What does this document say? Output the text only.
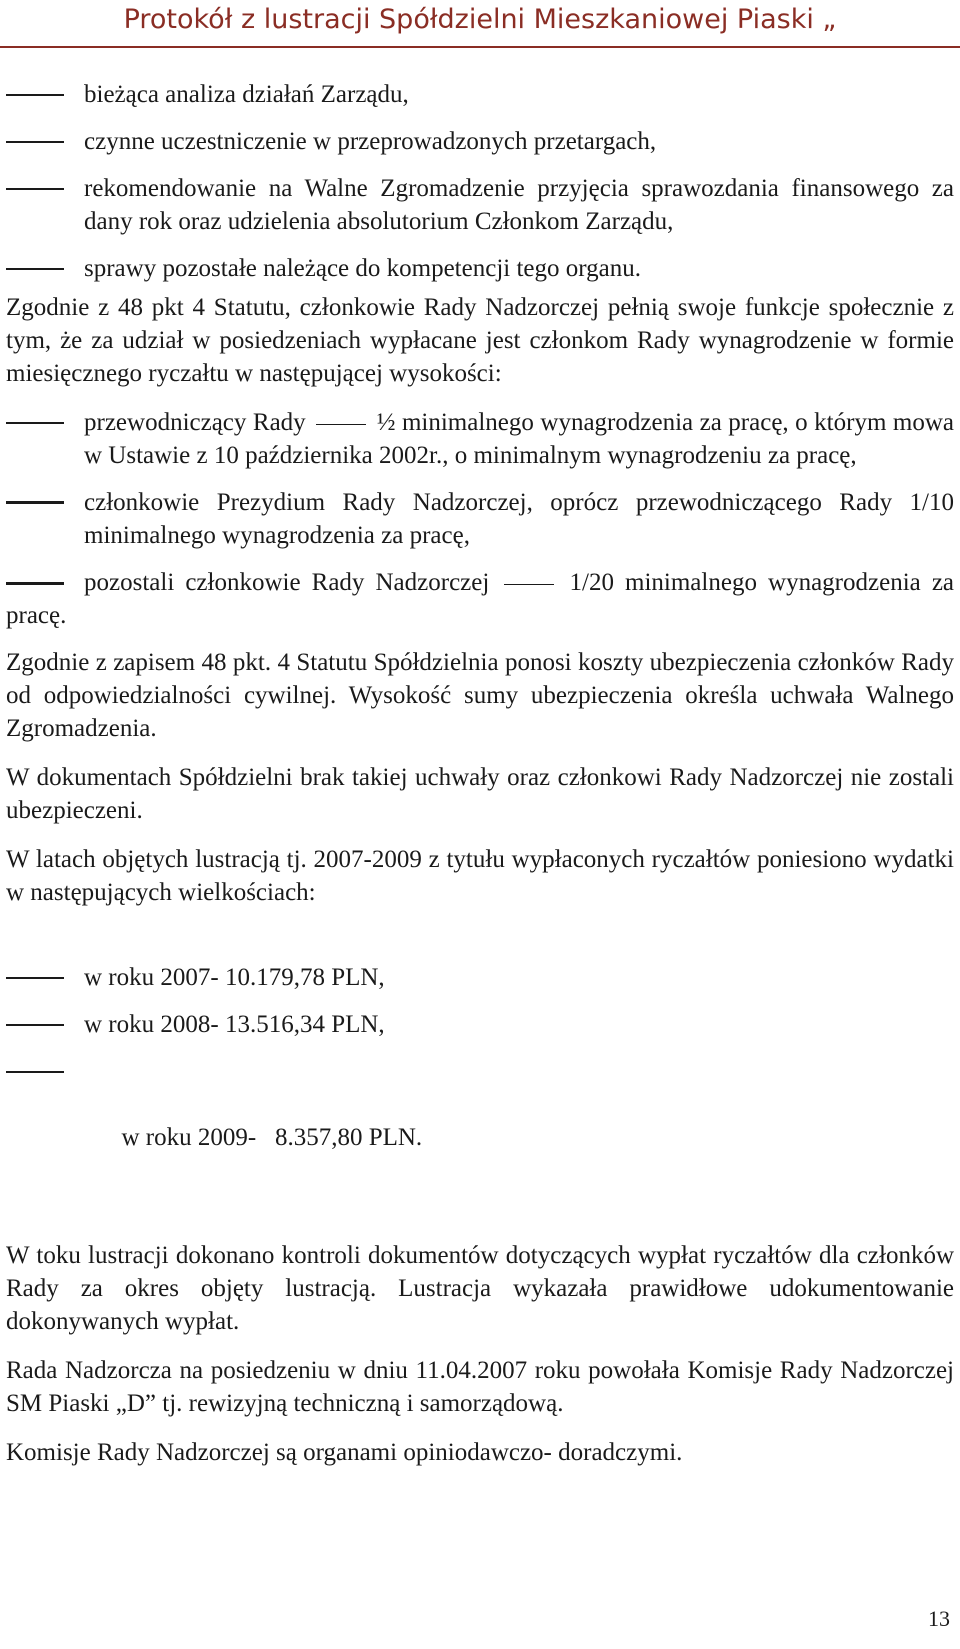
Protokół z lustracji Spółdzielni Mieszkaniowej Piaski „
bieżąca analiza działań Zarządu,
czynne uczestniczenie w przeprowadzonych przetargach,
rekomendowanie na Walne Zgromadzenie przyjęcia sprawozdania finansowego za dany rok oraz udzielenia absolutorium Członkom Zarządu,
sprawy pozostałe należące do kompetencji tego organu.

Zgodnie z 48 pkt 4 Statutu, członkowie Rady Nadzorczej pełnią swoje funkcje społecznie z tym, że za udział w posiedzeniach wypłacane jest członkom Rady wynagrodzenie w formie miesięcznego ryczałtu w następującej wysokości:

przewodniczący Rady	½ minimalnego wynagrodzenia za pracę, o którym mowa w Ustawie z 10 października 2002r., o minimalnym wynagrodzeniu za pracę,
członkowie Prezydium Rady Nadzorczej, oprócz przewodniczącego Rady 1/10 minimalnego wynagrodzenia za pracę,
pozostali członkowie Rady Nadzorczej	1/20 minimalnego wynagrodzenia za pracę.

Zgodnie z zapisem 48 pkt. 4 Statutu Spółdzielnia ponosi koszty ubezpieczenia członków Rady od odpowiedzialności cywilnej. Wysokość sumy ubezpieczenia określa uchwała Walnego Zgromadzenia.

W dokumentach Spółdzielni brak takiej uchwały oraz członkowi Rady Nadzorczej nie zostali ubezpieczeni.

W latach objętych lustracją tj. 2007-2009 z tytułu wypłaconych ryczałtów poniesiono wydatki w następujących wielkościach:

w roku 2007- 10.179,78 PLN,
w roku 2008- 13.516,34 PLN,

w roku 2009-   8.357,80 PLN.

W toku lustracji dokonano kontroli dokumentów dotyczących wypłat ryczałtów dla członków Rady za okres objęty lustracją. Lustracja wykazała prawidłowe udokumentowanie dokonywanych wypłat.

Rada Nadzorcza na posiedzeniu w dniu 11.04.2007 roku powołała Komisje Rady Nadzorczej SM Piaski „D” tj. rewizyjną techniczną i samorządową.

Komisje Rady Nadzorczej są organami opiniodawczo- doradczymi.

13
